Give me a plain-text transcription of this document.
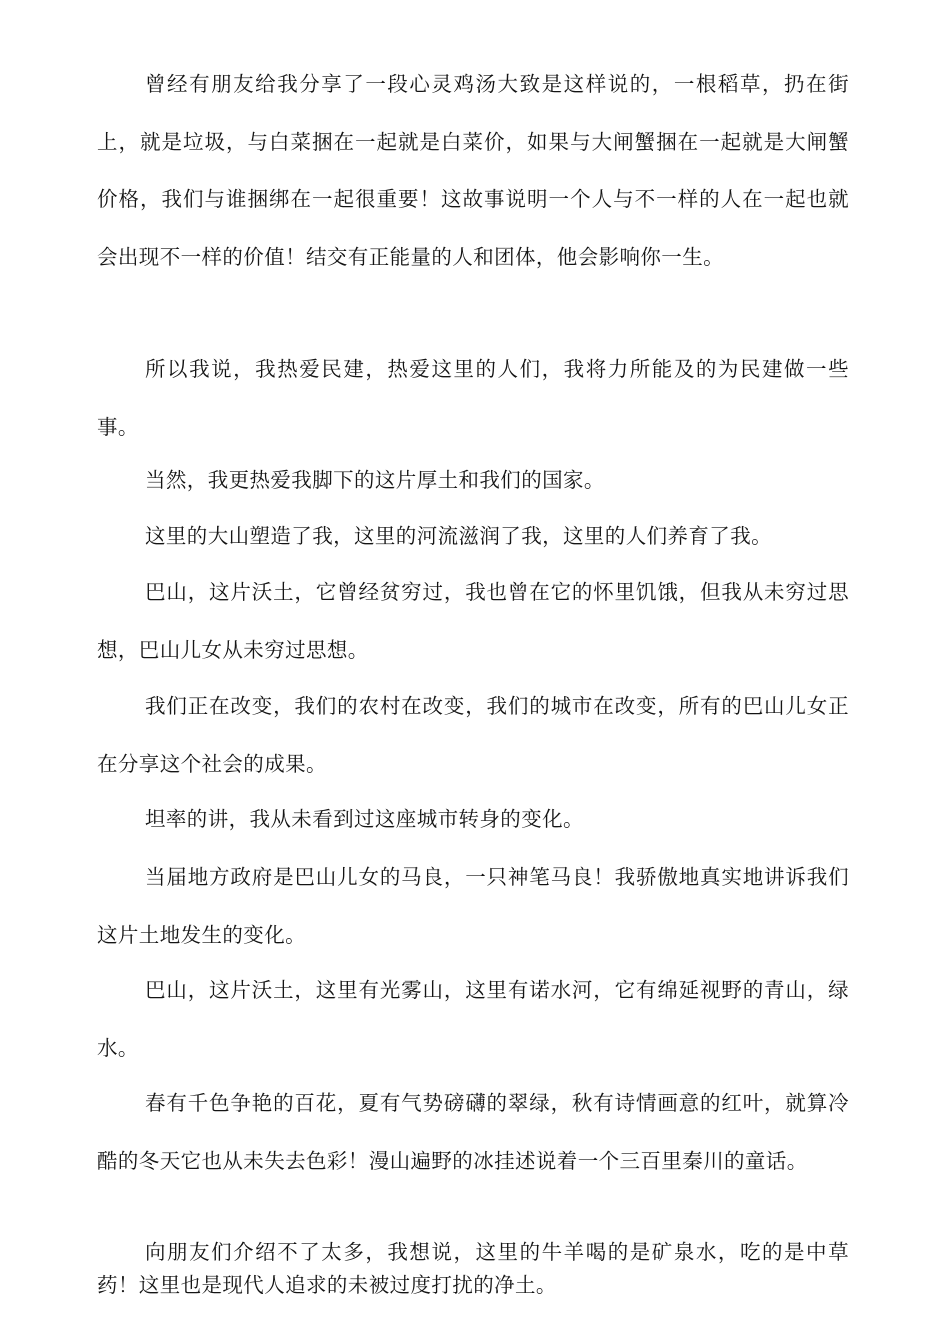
曾经有朋友给我分享了一段心灵鸡汤大致是这样说的，一根稻草，扔在街上，就是垃圾，与白菜捆在一起就是白菜价，如果与大闸蟹捆在一起就是大闸蟹价格，我们与谁捆绑在一起很重要！这故事说明一个人与不一样的人在一起也就会出现不一样的价值！结交有正能量的人和团体，他会影响你一生。

所以我说，我热爱民建，热爱这里的人们，我将力所能及的为民建做一些事。

当然，我更热爱我脚下的这片厚土和我们的国家。

这里的大山塑造了我，这里的河流滋润了我，这里的人们养育了我。

巴山，这片沃土，它曾经贫穷过，我也曾在它的怀里饥饿，但我从未穷过思想，巴山儿女从未穷过思想。

我们正在改变，我们的农村在改变，我们的城市在改变，所有的巴山儿女正在分享这个社会的成果。

坦率的讲，我从未看到过这座城市转身的变化。

当届地方政府是巴山儿女的马良，一只神笔马良！我骄傲地真实地讲诉我们这片土地发生的变化。

巴山，这片沃土，这里有光雾山，这里有诺水河，它有绵延视野的青山，绿水。

春有千色争艳的百花，夏有气势磅礴的翠绿，秋有诗情画意的红叶，就算冷酷的冬天它也从未失去色彩！漫山遍野的冰挂述说着一个三百里秦川的童话。

向朋友们介绍不了太多，我想说，这里的牛羊喝的是矿泉水，吃的是中草药！这里也是现代人追求的未被过度打扰的净土。
